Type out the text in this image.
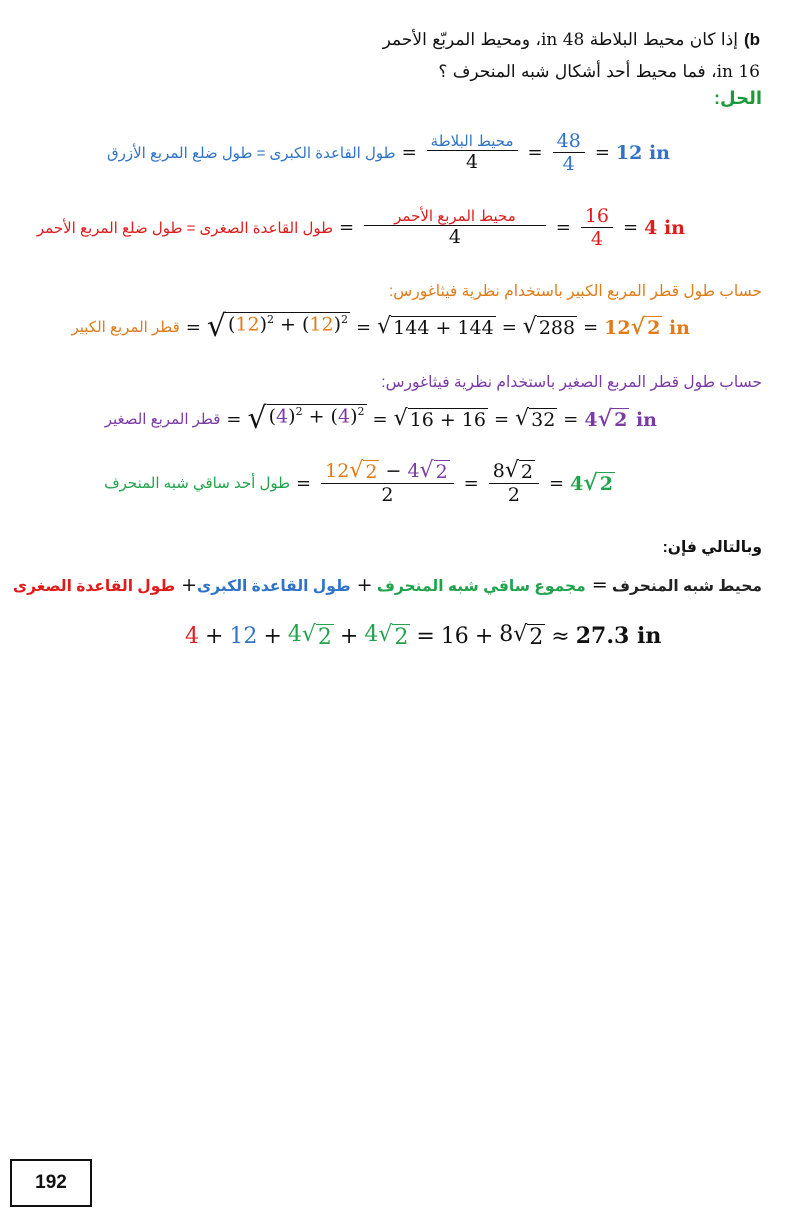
b)إذا كان محيط البلاطة 48 in، ومحيط المربّع الأحمر
16 in، فما محيط أحد أشكال شبه المنحرف ؟
الحل:
طول القاعدة الكبرى = طول ضلع المربع الأزرق = $\frac{\text{محيط البلاطة}}{4} = \frac{48}{4} = 12$ in
طول القاعدة الصغرى = طول ضلع المربع الأحمر = $\frac{\text{محيط المربع الأحمر}}{4} = \frac{16}{4} = 4$ in
حساب طول قطر المربع الكبير باستخدام نظرية فيثاغورس:
قطر المربع الكبير = √ $(12)^2 + (12)^2$ = √ 144 + 144 = √ 288 = 12 √ 2 in
حساب طول قطر المربع الصغير باستخدام نظرية فيثاغورس:
قطر المربع الصغير = √ $(4)^2 + (4)^2$ = √ 16 + 16 = √ 32 = 4 √ 2 in
طول أحد ساقي شبه المنحرف = $\frac{12 √ 2 - 4 √ 2}{2} = \frac{8 √ 2}{2} = 4$ √ 2
وبالتالي فإن:
محيط شبه المنحرف = مجموع ساقي شبه المنحرف + طول القاعدة الكبرى+ طول القاعدة الصغرى
4 + 12 + 4 √ 2 + 4 √ 2 = 16 + 8 √ 2 ≈ 27.3 in
192
